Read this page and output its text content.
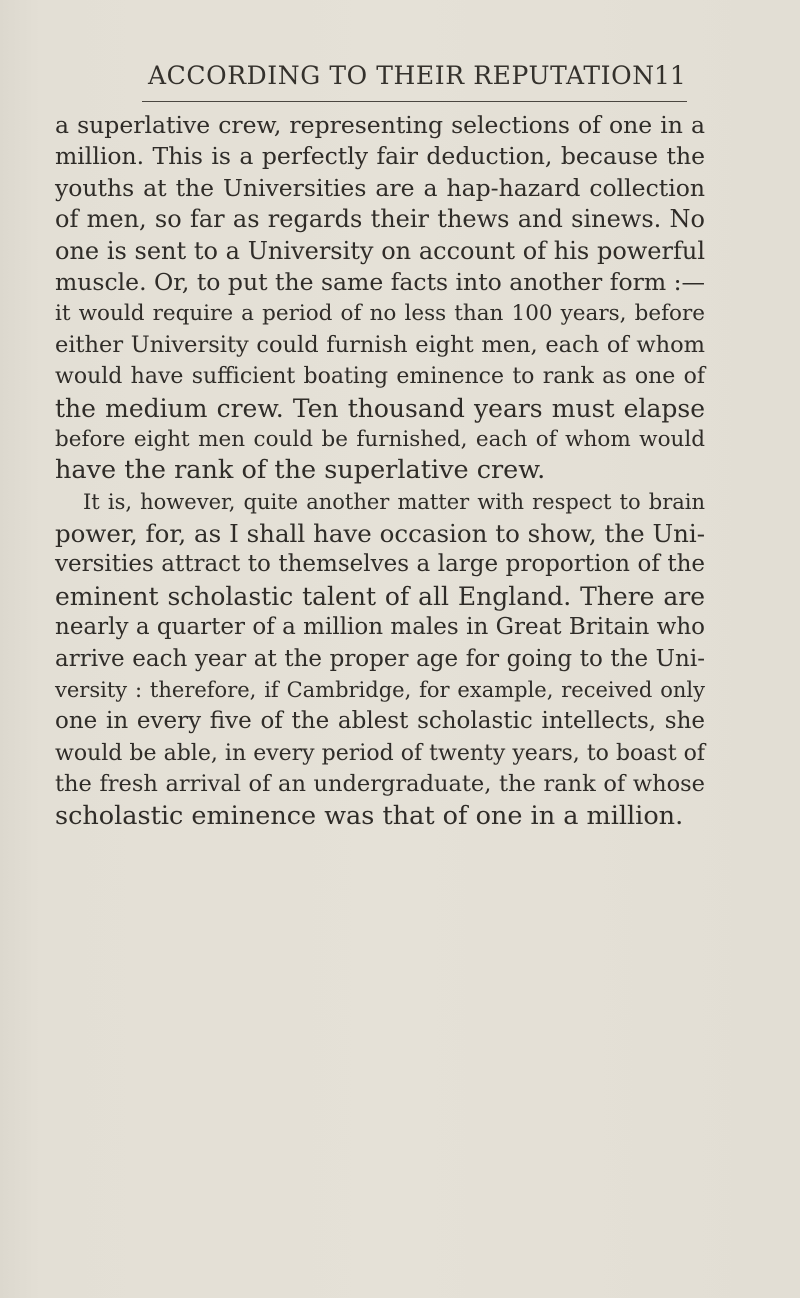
ACCORDING TO THEIR REPUTATION 11
a superlative crew, representing selections of one in a
million. This is a perfectly fair deduction, because the
youths at the Universities are a hap-hazard collection
of men, so far as regards their thews and sinews. No
one is sent to a University on account of his powerful
muscle. Or, to put the same facts into another form :—
it would require a period of no less than 100 years, before
either University could furnish eight men, each of whom
would have sufficient boating eminence to rank as one of
the medium crew. Ten thousand years must elapse
before eight men could be furnished, each of whom would
have the rank of the superlative crew.
It is, however, quite another matter with respect to brain
power, for, as I shall have occasion to show, the Uni-
versities attract to themselves a large proportion of the
eminent scholastic talent of all England. There are
nearly a quarter of a million males in Great Britain who
arrive each year at the proper age for going to the Uni-
versity : therefore, if Cambridge, for example, received only
one in every five of the ablest scholastic intellects, she
would be able, in every period of twenty years, to boast of
the fresh arrival of an undergraduate, the rank of whose
scholastic eminence was that of one in a million.
